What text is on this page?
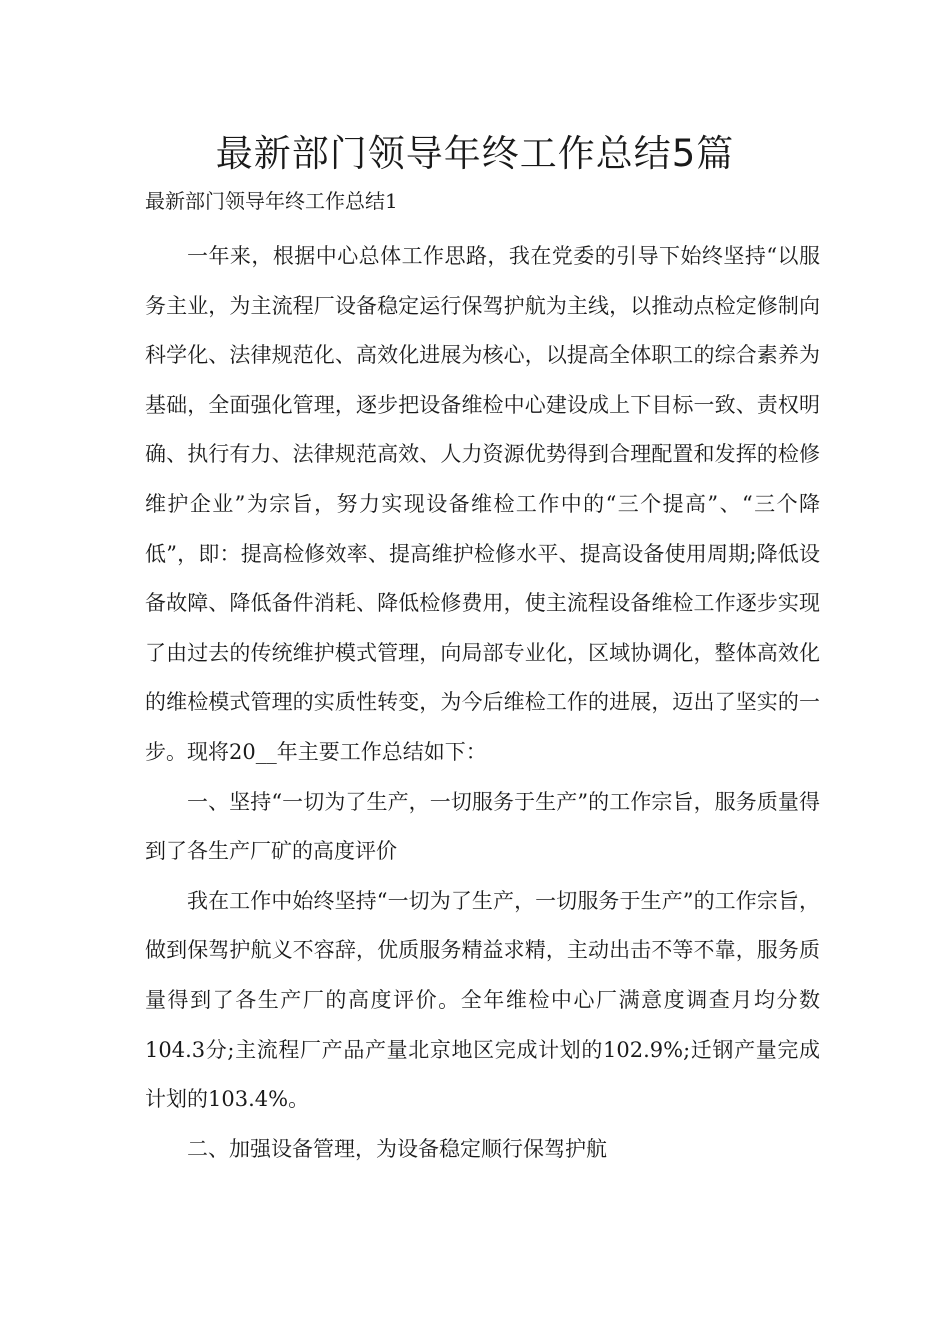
最新部门领导年终工作总结5篇

最新部门领导年终工作总结1

一年来，根据中心总体工作思路，我在党委的引导下始终坚持“以服务主业，为主流程厂设备稳定运行保驾护航为主线，以推动点检定修制向科学化、法律规范化、高效化进展为核心，以提高全体职工的综合素养为基础，全面强化管理，逐步把设备维检中心建设成上下目标一致、责权明确、执行有力、法律规范高效、人力资源优势得到合理配置和发挥的检修维护企业”为宗旨，努力实现设备维检工作中的“三个提高”、“三个降低”，即：提高检修效率、提高维护检修水平、提高设备使用周期;降低设备故障、降低备件消耗、降低检修费用，使主流程设备维检工作逐步实现了由过去的传统维护模式管理，向局部专业化，区域协调化，整体高效化的维检模式管理的实质性转变，为今后维检工作的进展，迈出了坚实的一步。现将20__年主要工作总结如下：

一、坚持“一切为了生产，一切服务于生产”的工作宗旨，服务质量得到了各生产厂矿的高度评价

我在工作中始终坚持“一切为了生产，一切服务于生产”的工作宗旨，做到保驾护航义不容辞，优质服务精益求精，主动出击不等不靠，服务质量得到了各生产厂的高度评价。全年维检中心厂满意度调查月均分数104.3分;主流程厂产品产量北京地区完成计划的102.9%;迁钢产量完成计划的103.4%。

二、加强设备管理，为设备稳定顺行保驾护航
